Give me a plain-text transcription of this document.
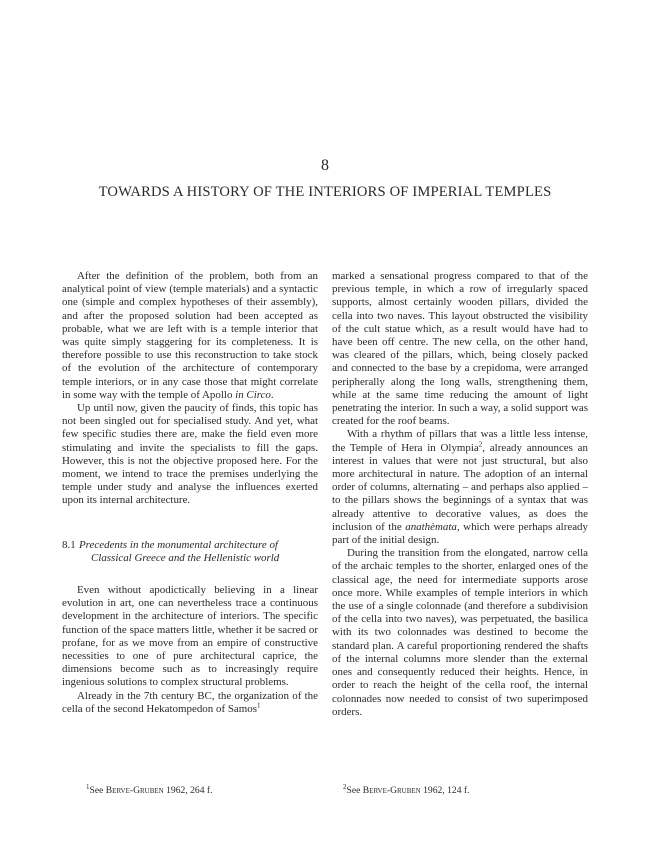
8
TOWARDS A HISTORY OF THE INTERIORS OF IMPERIAL TEMPLES

After the definition of the problem, both from an analytical point of view (temple materials) and a syntactic one (simple and complex hypotheses of their assembly), and after the proposed solution had been accepted as probable, what we are left with is a temple interior that was quite simply staggering for its completeness. It is therefore possible to use this reconstruction to take stock of the evolution of the architecture of contemporary temple interiors, or in any case those that might correlate in some way with the temple of Apollo in Circo.

Up until now, given the paucity of finds, this topic has not been singled out for specialised study. And yet, what few specific studies there are, make the field even more stimulating and invite the specialists to fill the gaps. However, this is not the objective proposed here. For the moment, we intend to trace the premises underlying the temple under study and analyse the influences exerted upon its internal architecture.

8.1 Precedents in the monumental architecture of
Classical Greece and the Hellenistic world

Even without apodictically believing in a linear evolution in art, one can nevertheless trace a continuous development in the architecture of interiors. The specific function of the space matters little, whether it be sacred or profane, for as we move from an empire of constructive necessities to one of pure architectural caprice, the dimensions become such as to increasingly require ingenious solutions to complex structural problems.

Already in the 7th century BC, the organization of the cella of the second Hekatompedon of Samos$^1$

marked a sensational progress compared to that of the previous temple, in which a row of irregularly spaced supports, almost certainly wooden pillars, divided the cella into two naves. This layout obstructed the visibility of the cult statue which, as a result would have had to have been off centre. The new cella, on the other hand, was cleared of the pillars, which, being closely packed and connected to the base by a crepidoma, were arranged peripherally along the long walls, strengthening them, while at the same time reducing the amount of light penetrating the interior. In such a way, a solid support was created for the roof beams.

With a rhythm of pillars that was a little less intense, the Temple of Hera in Olympia$^2$, already announces an interest in values that were not just structural, but also more architectural in nature. The adoption of an internal order of columns, alternating – and perhaps also applied – to the pillars shows the beginnings of a syntax that was already attentive to decorative values, as does the inclusion of the anathèmata, which were perhaps already part of the initial design.

During the transition from the elongated, narrow cella of the archaic temples to the shorter, enlarged ones of the classical age, the need for intermediate supports arose once more. While examples of temple interiors in which the use of a single colonnade (and therefore a subdivision of the cella into two naves), was perpetuated, the basilica with its two colonnades was destined to become the standard plan. A careful proportioning rendered the shafts of the internal columns more slender than the external ones and consequently reduced their heights. Hence, in order to reach the height of the cella roof, the internal colonnades now needed to consist of two superimposed orders.

$^1$See Berve-Gruben 1962, 264 f.	$^2$See Berve-Gruben 1962, 124 f.
